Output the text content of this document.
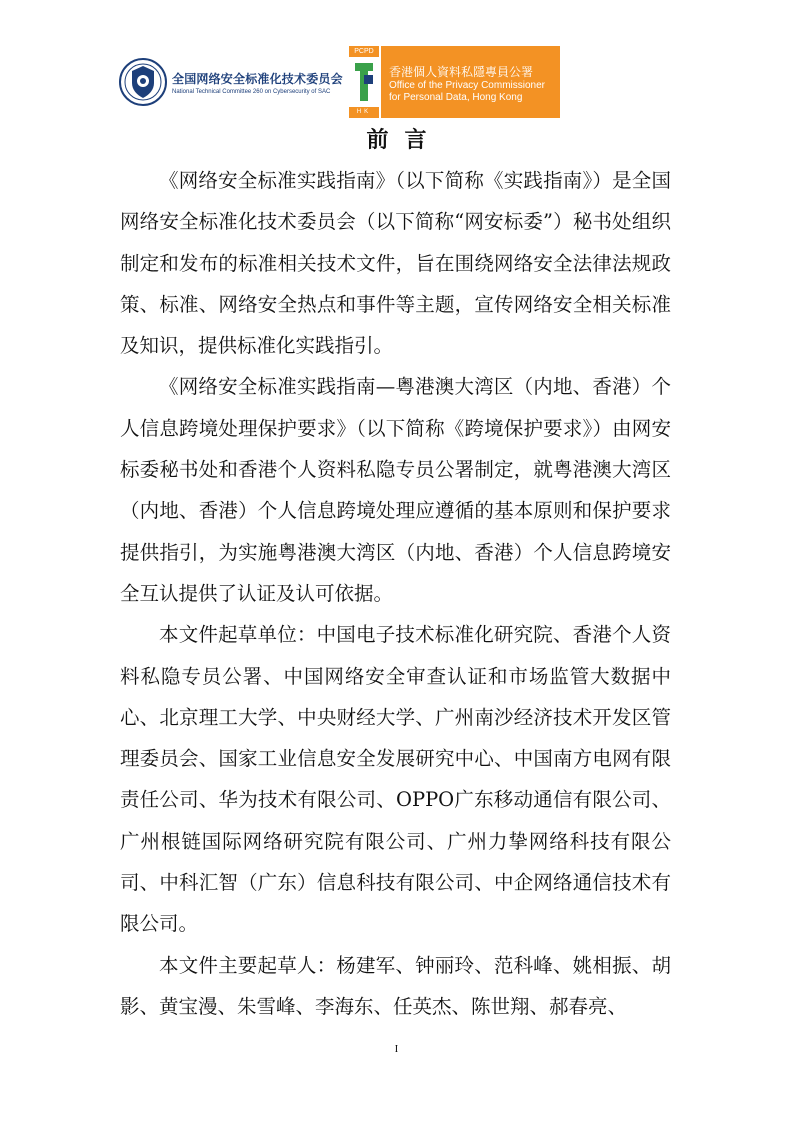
全国网络安全标准化技术委员会
National Technical Committee 260 on Cybersecurity of SAC
PCPD
HK
香港個人資料私隱專員公署
Office of the Privacy Commissioner
for Personal Data, Hong Kong
前言

《网络安全标准实践指南》（以下简称《实践指南》）是全国网络安全标准化技术委员会（以下简称“网安标委”）秘书处组织制定和发布的标准相关技术文件，旨在围绕网络安全法律法规政策、标准、网络安全热点和事件等主题，宣传网络安全相关标准及知识，提供标准化实践指引。

《网络安全标准实践指南—粤港澳大湾区（内地、香港）个人信息跨境处理保护要求》（以下简称《跨境保护要求》）由网安标委秘书处和香港个人资料私隐专员公署制定，就粤港澳大湾区（内地、香港）个人信息跨境处理应遵循的基本原则和保护要求提供指引，为实施粤港澳大湾区（内地、香港）个人信息跨境安全互认提供了认证及认可依据。

本文件起草单位：中国电子技术标准化研究院、香港个人资料私隐专员公署、中国网络安全审查认证和市场监管大数据中心、北京理工大学、中央财经大学、广州南沙经济技术开发区管理委员会、国家工业信息安全发展研究中心、中国南方电网有限责任公司、华为技术有限公司、OPPO广东移动通信有限公司、广州根链国际网络研究院有限公司、广州力挚网络科技有限公司、中科汇智（广东）信息科技有限公司、中企网络通信技术有限公司。

本文件主要起草人：杨建军、钟丽玲、范科峰、姚相振、胡影、黄宝漫、朱雪峰、李海东、任英杰、陈世翔、郝春亮、

I
